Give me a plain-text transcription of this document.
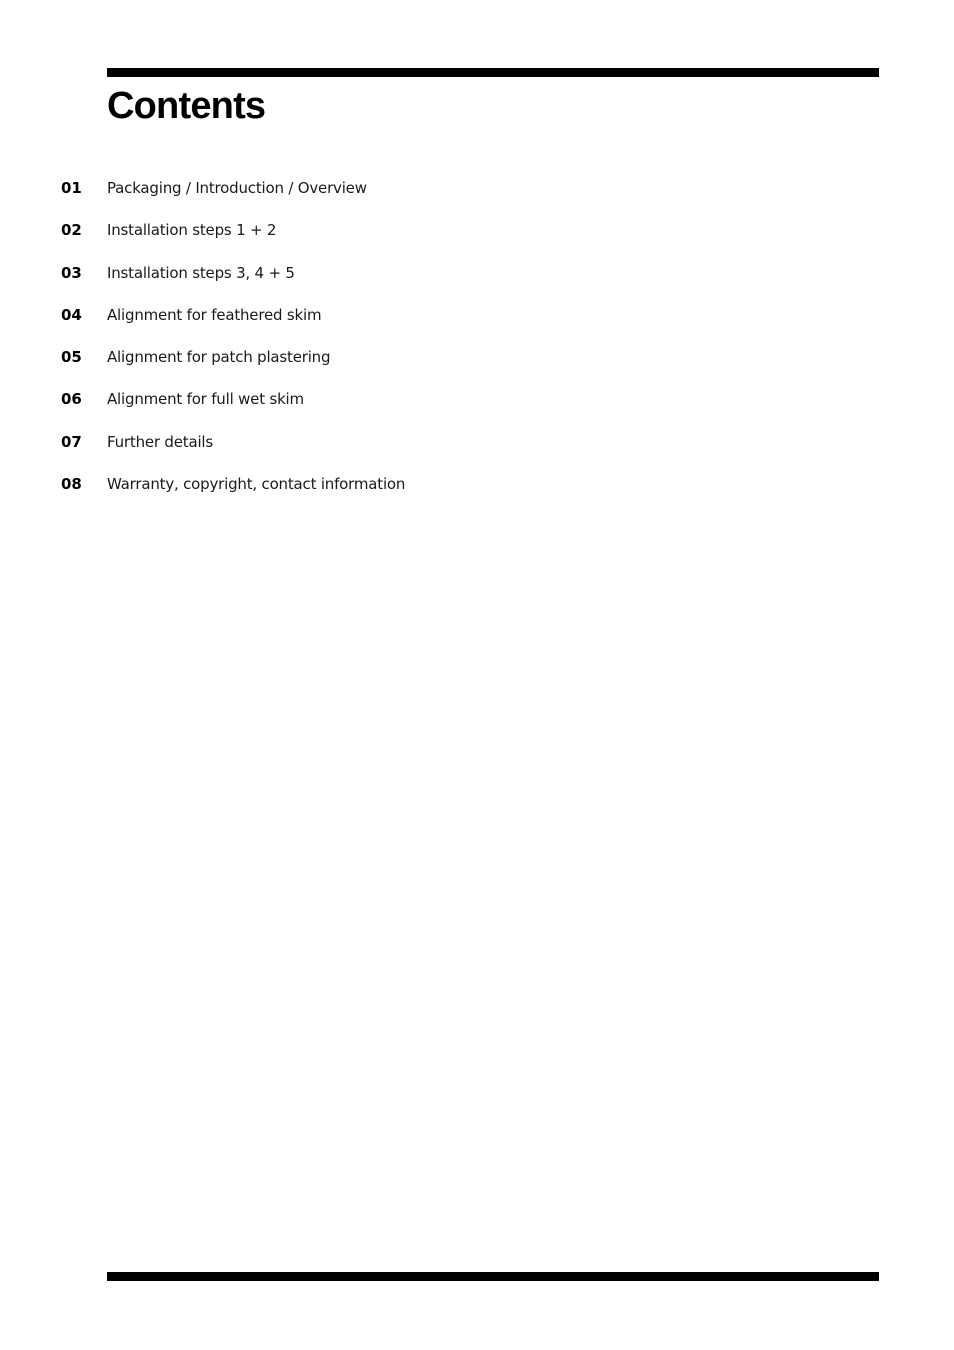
Contents
01	Packaging / Introduction / Overview
02	Installation steps 1 + 2
03	Installation steps 3, 4 + 5
04	Alignment for feathered skim
05	Alignment for patch plastering
06	Alignment for full wet skim
07	Further details
08	Warranty, copyright, contact information
